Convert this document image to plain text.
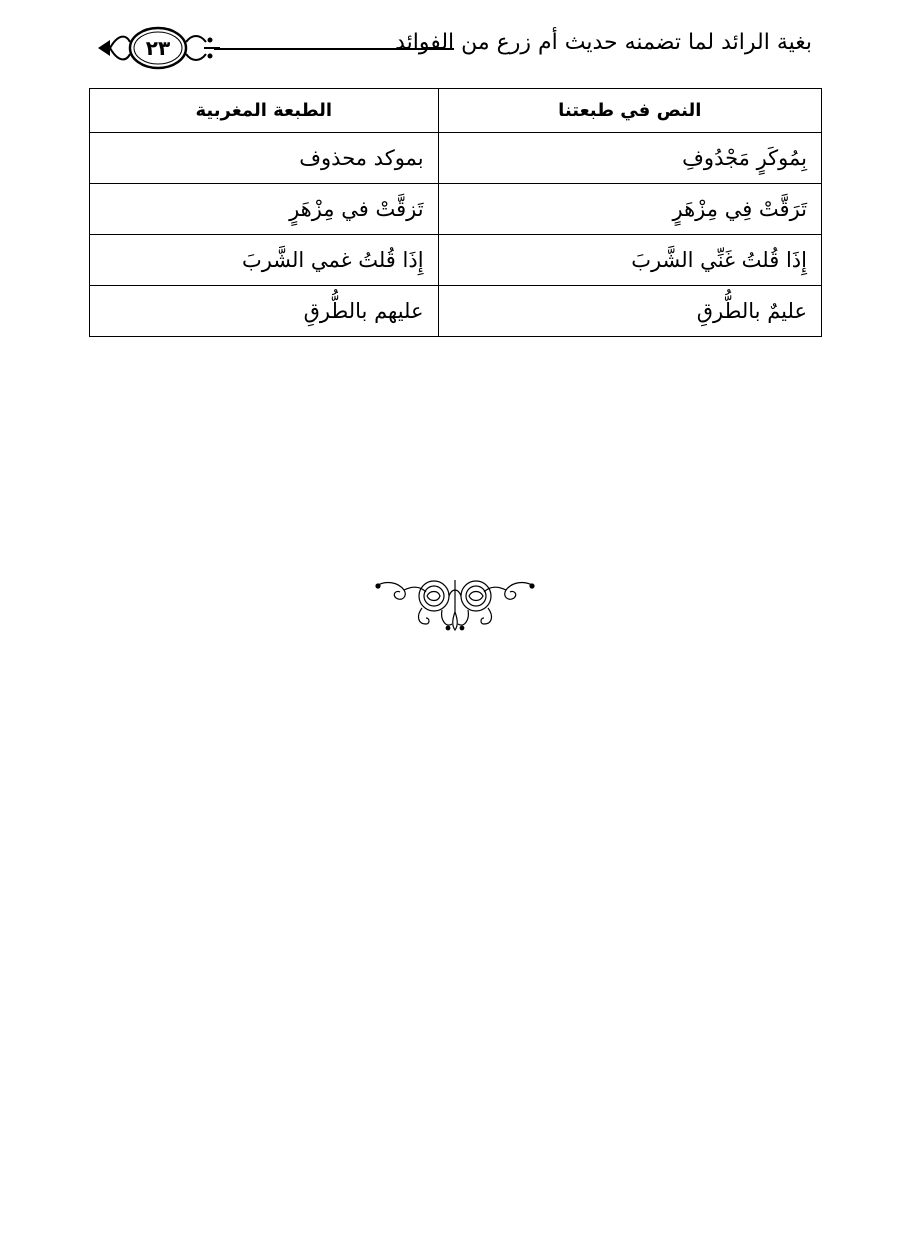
٢٣	بغية الرائد لما تضمنه حديث أم زرع من الفوائد
النص في طبعتنا	الطبعة المغربية
بِمُوكَرٍ مَجْدُوفِ	بموكد محذوف
تَرَقَّتْ فِي مِزْهَرٍ	تَزقَّتْ في مِزْهَرٍ
إِذَا قُلتُ غَنِّي الشَّربَ	إِذَا قُلتُ غمي الشَّربَ
عليمٌ بالطُّرقِ	عليهم بالطُّرقِ
